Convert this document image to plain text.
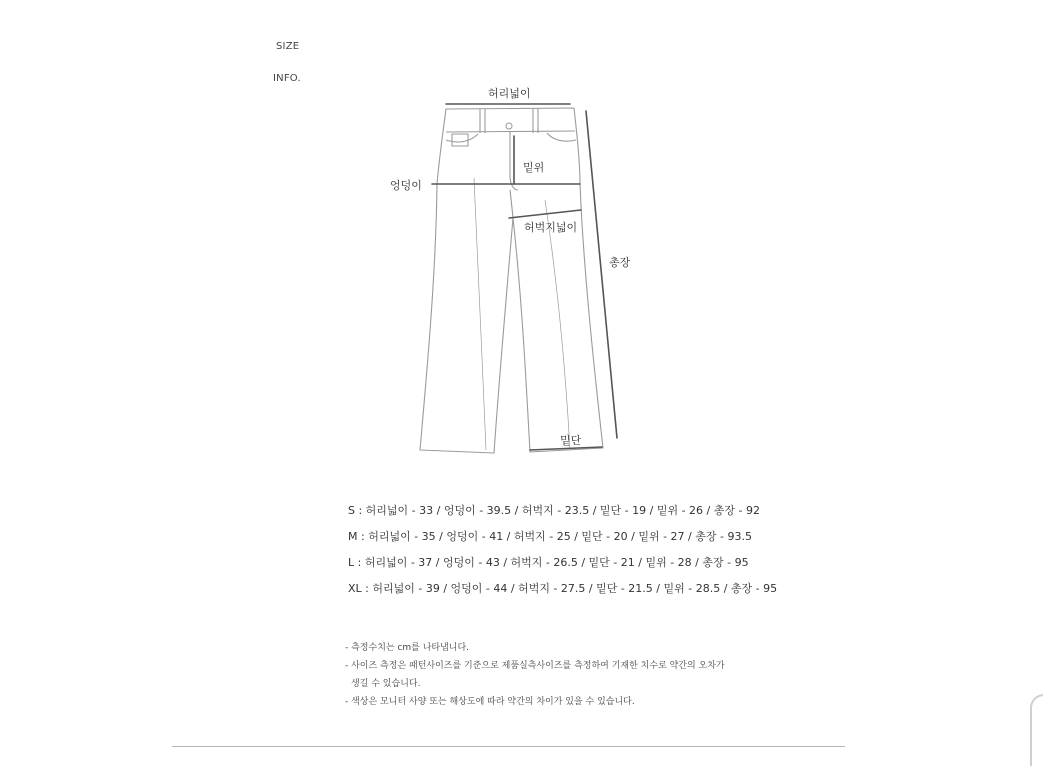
SIZE
INFO.
허리넓이
밑위
엉덩이
허벅지넓이
총장
밑단
S : 허리넓이 - 33 / 엉덩이 - 39.5 / 허벅지 - 23.5 / 밑단 - 19 / 밑위 - 26 / 총장 - 92
M : 허리넓이 - 35 / 엉덩이 - 41 / 허벅지 - 25 / 밑단 - 20 / 밑위 - 27 / 총장 - 93.5
L : 허리넓이 - 37 / 엉덩이 - 43 / 허벅지 - 26.5 / 밑단 - 21 / 밑위 - 28 / 총장 - 95
XL : 허리넓이 - 39 / 엉덩이 - 44 / 허벅지 - 27.5 / 밑단 - 21.5 / 밑위 - 28.5 / 총장 - 95
- 측정수치는 cm를 나타냅니다.
- 사이즈 측정은 패턴사이즈를 기준으로 제품실측사이즈를 측정하여 기재한 치수로 약간의 오차가
생길 수 있습니다.
- 색상은 모니터 사양 또는 해상도에 따라 약간의 차이가 있을 수 있습니다.
